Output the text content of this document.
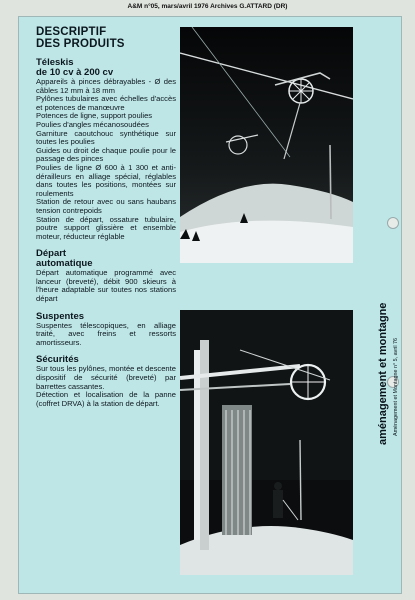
A&M n°05, mars/avril 1976 Archives G.ATTARD (DR)
DESCRIPTIF
DES PRODUITS
Téleskis
de 10 cv à 200 cv

Appareils à pinces débrayables - Ø des câbles 12 mm à 18 mm

Pylônes tubulaires avec échelles d'accès et potences de manœuvre

Potences de ligne, support poulies

Poulies d'angles mécanosoudées

Garniture caoutchouc synthétique sur toutes les poulies

Guides ou droit de chaque poulie pour le passage des pinces

Poulies de ligne Ø 600 à 1 300 et anti-dérailleurs en alliage spécial, réglables dans toutes les positions, montées sur roulements

Station de retour avec ou sans haubans tension contrepoids

Station de départ, ossature tubulaire, poutre support glissière et ensemble moteur, réducteur réglable

Départ
automatique
Départ automatique programmé avec lanceur (breveté), débit 900 skieurs à l'heure adaptable sur toutes nos stations départ
Suspentes
Suspentes télescopiques, en alliage traité, avec freins et ressorts amortisseurs.
Sécurités

Sur tous les pylônes, montée et descente dispositif de sécurité (breveté) par barrettes cassantes.

Détection et localisation de la panne (coffret DRVA) à la station de départ.	aménagement et montagne Aménagement et Montagne n° 5, avril 76
